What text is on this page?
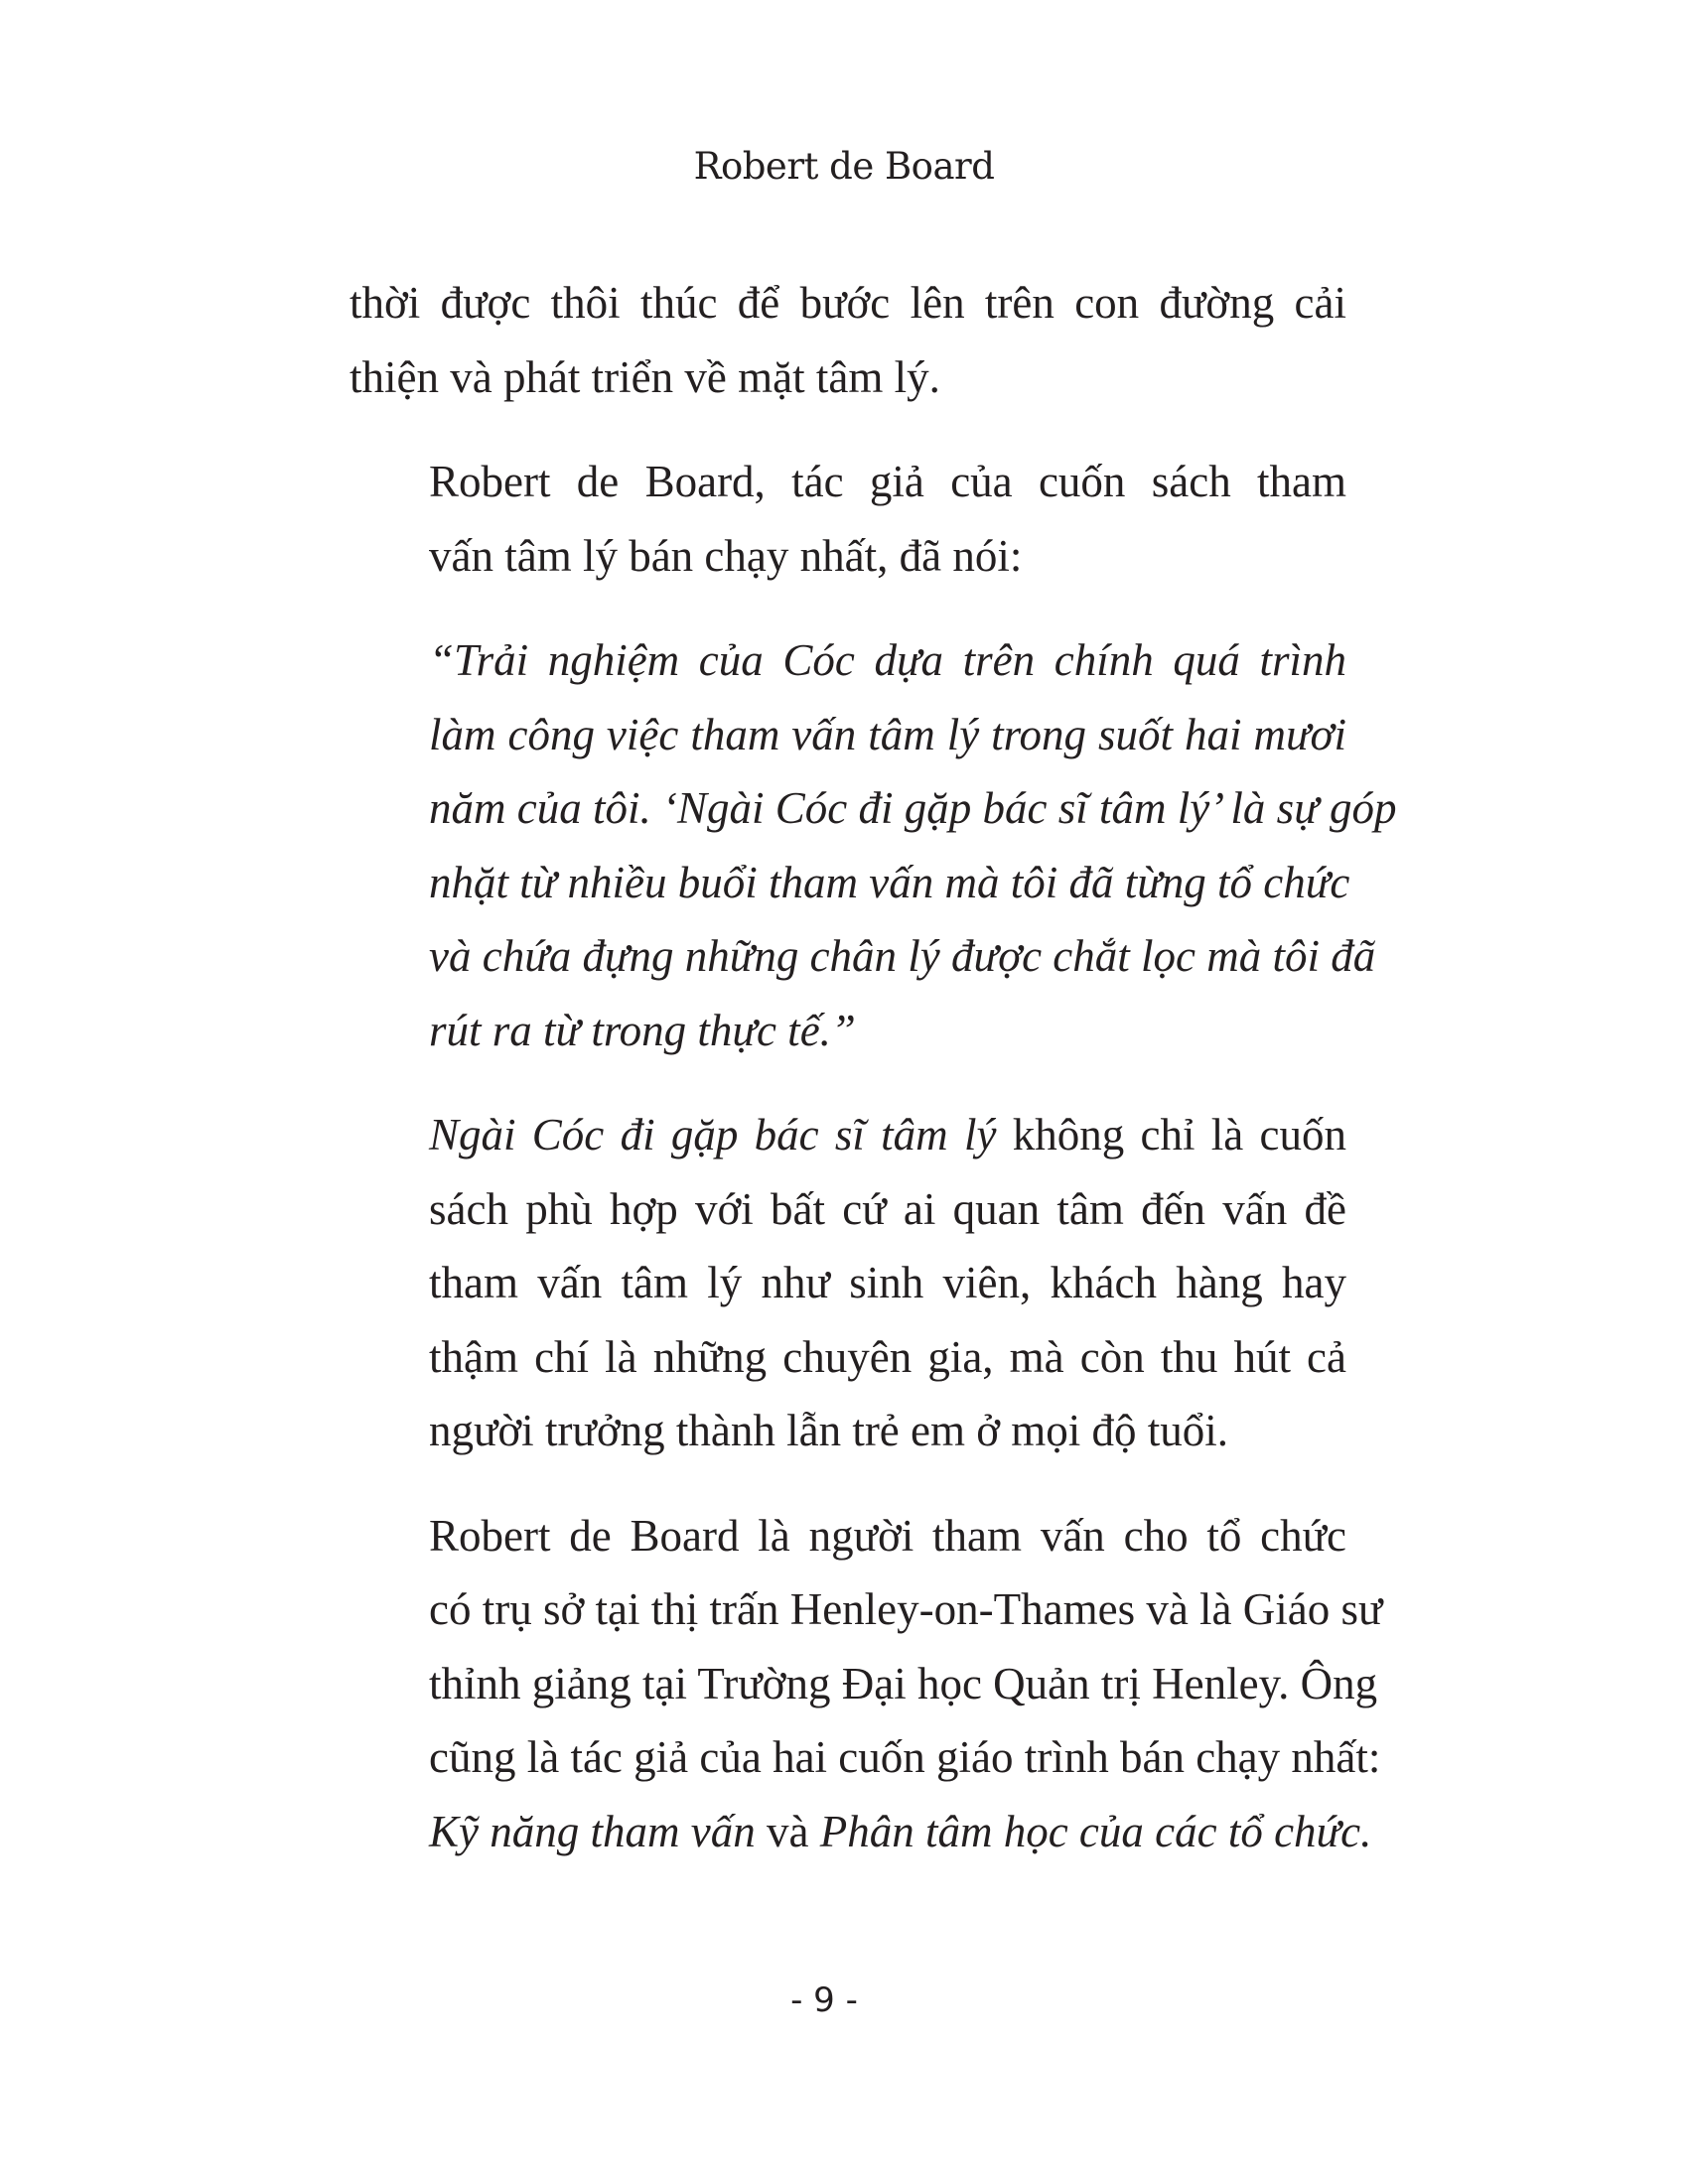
Robert de Board

thời được thôi thúc để bước lên trên con đường cải
thiện và phát triển về mặt tâm lý.

Robert de Board, tác giả của cuốn sách tham
vấn tâm lý bán chạy nhất, đã nói:

“Trải nghiệm của Cóc dựa trên chính quá trình
làm công việc tham vấn tâm lý trong suốt hai mươi
năm của tôi. ‘Ngài Cóc đi gặp bác sĩ tâm lý’ là sự góp
nhặt từ nhiều buổi tham vấn mà tôi đã từng tổ chức
và chứa đựng những chân lý được chắt lọc mà tôi đã
rút ra từ trong thực tế.”

Ngài Cóc đi gặp bác sĩ tâm lý không chỉ là cuốn
sách phù hợp với bất cứ ai quan tâm đến vấn đề
tham vấn tâm lý như sinh viên, khách hàng hay
thậm chí là những chuyên gia, mà còn thu hút cả
người trưởng thành lẫn trẻ em ở mọi độ tuổi.

Robert de Board là người tham vấn cho tổ chức
có trụ sở tại thị trấn Henley-on-Thames và là Giáo sư
thỉnh giảng tại Trường Đại học Quản trị Henley. Ông
cũng là tác giả của hai cuốn giáo trình bán chạy nhất:
Kỹ năng tham vấn và Phân tâm học của các tổ chức.

- 9 -
